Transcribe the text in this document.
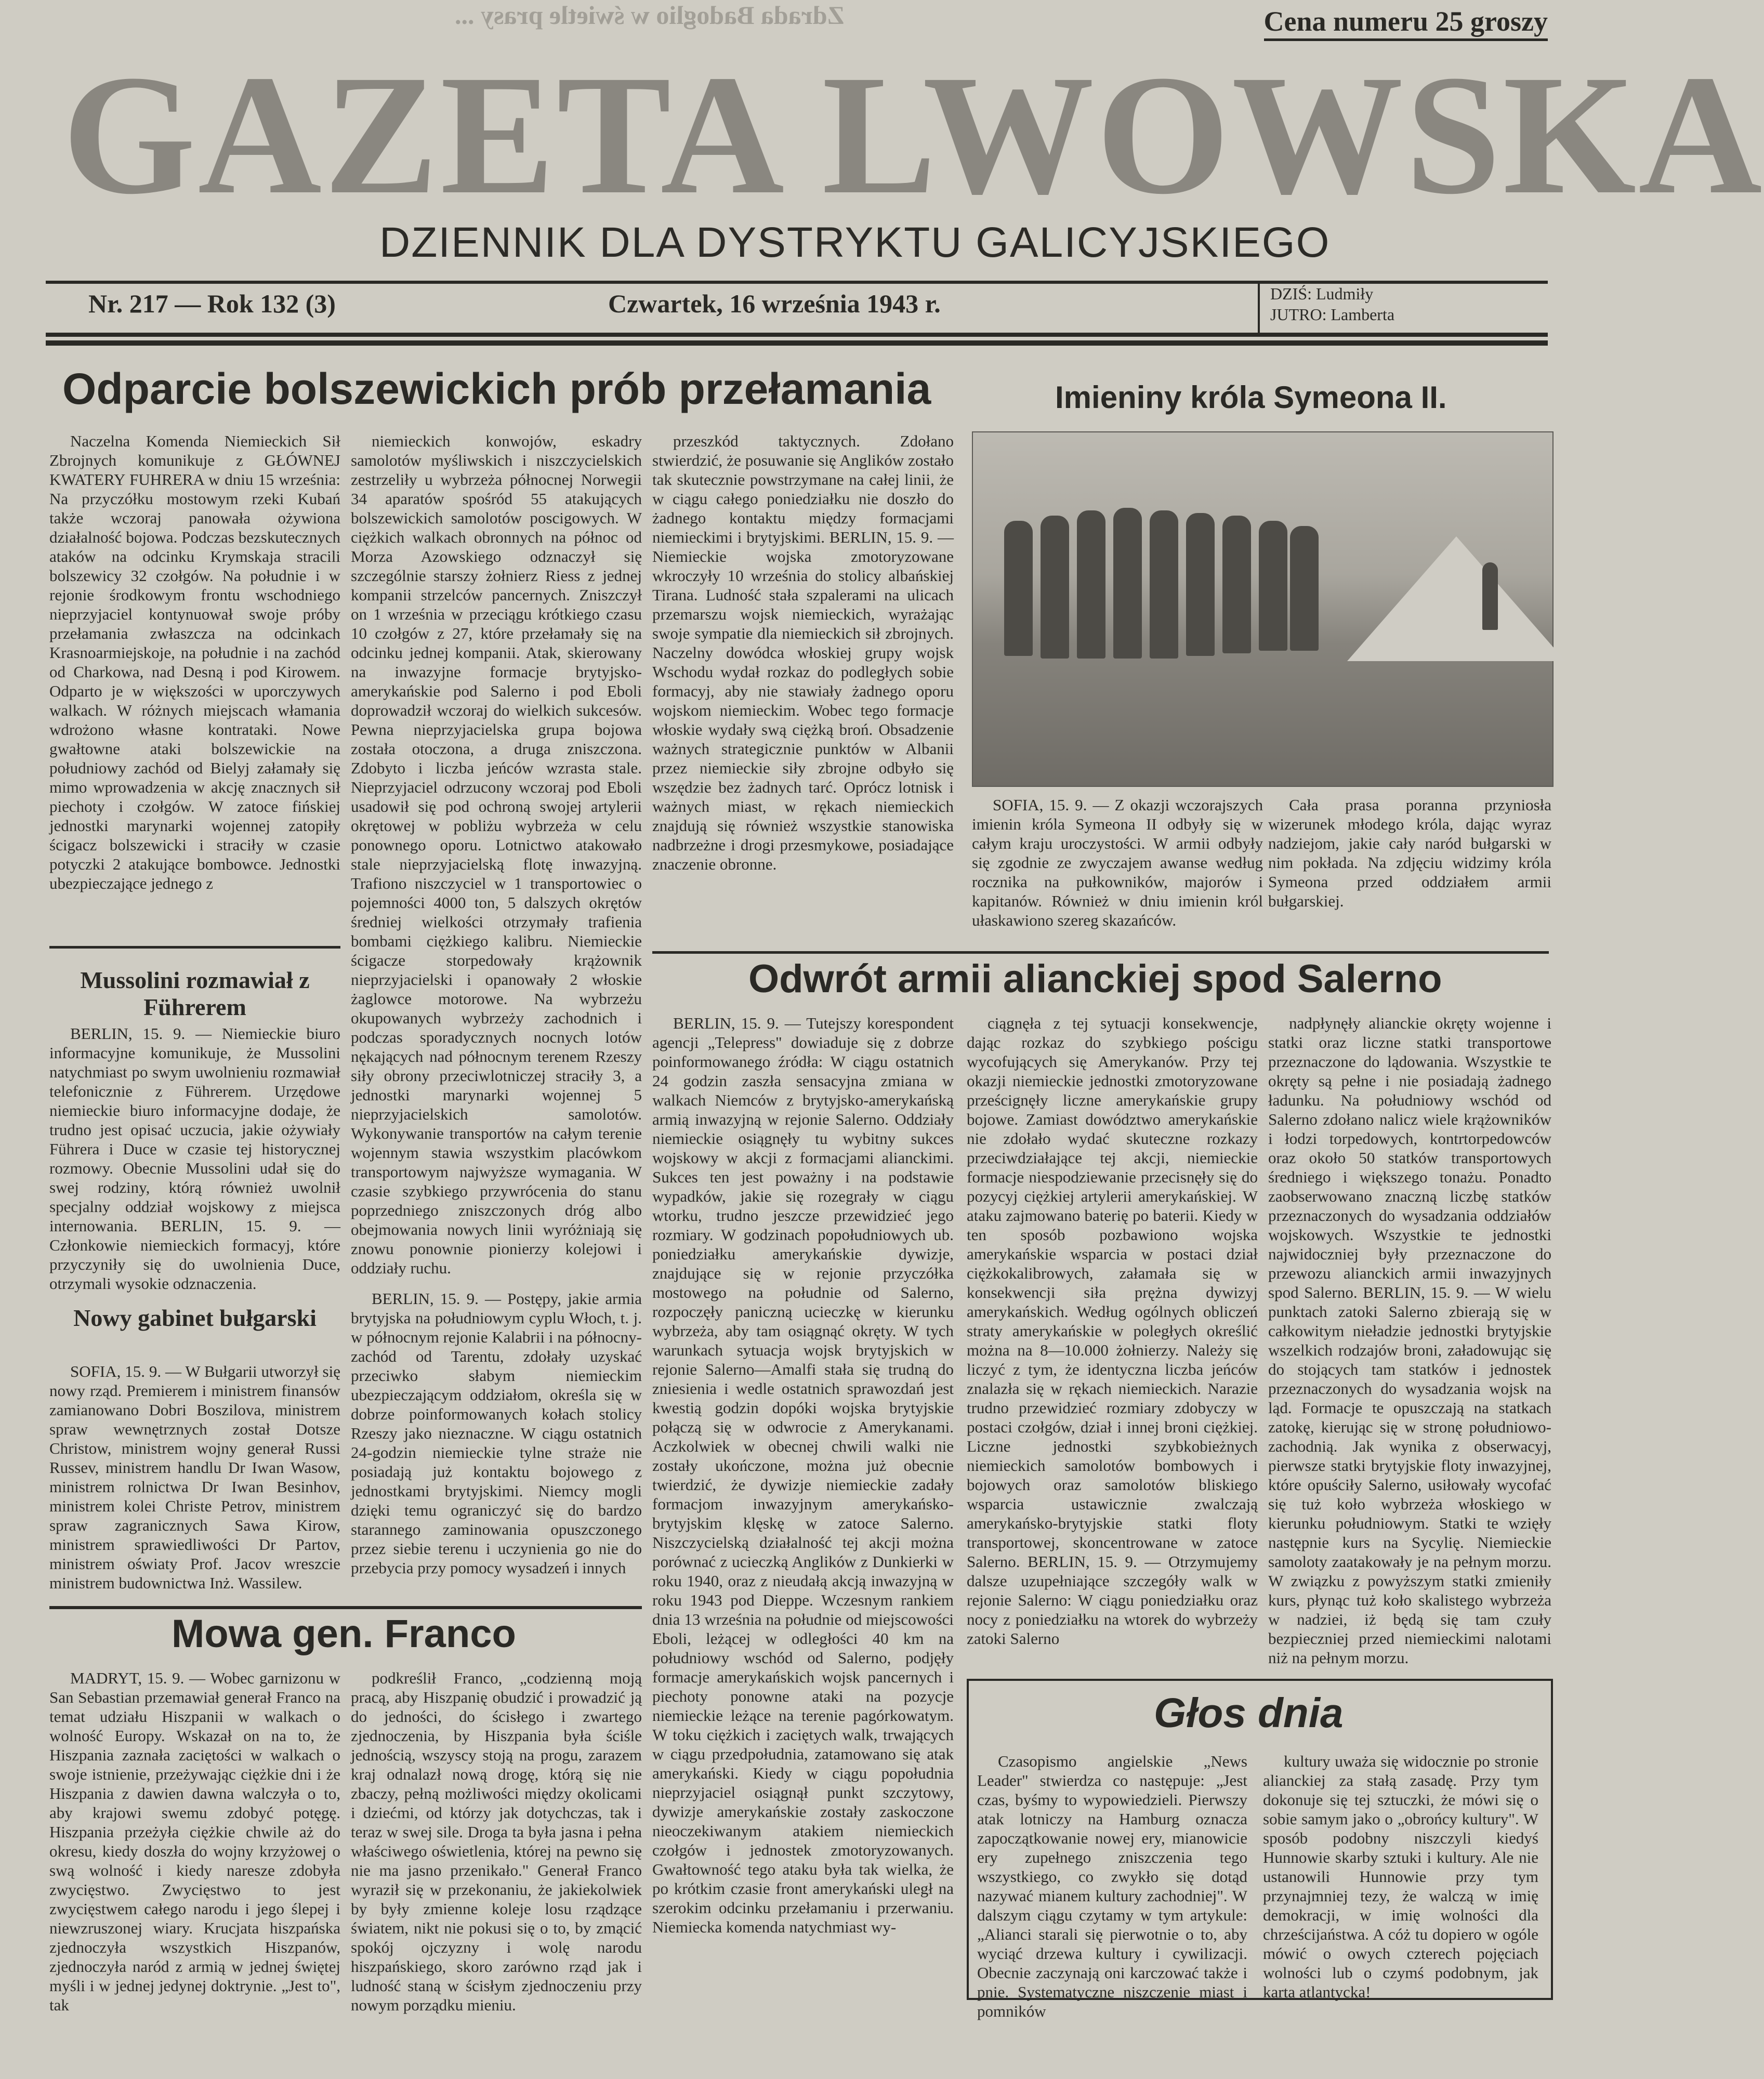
Zdrada Badoglio w świetle prasy ...	Cena numeru 25 groszy
GAZETA LWOWSKA
DZIENNIK DLA DYSTRYKTU GALICYJSKIEGO
Nr. 217 — Rok 132 (3)	Czwartek, 16 września 1943 r.	DZIŚ: Ludmiły
JUTRO: Lamberta
Odparcie bolszewickich prób przełamania

Naczelna Komenda Niemieckich Sił Zbrojnych komunikuje z GŁÓWNEJ KWATERY FUHRERA w dniu 15 września: Na przyczółku mostowym rzeki Kubań także wczoraj panowała ożywiona działalność bojowa. Podczas bezskutecznych ataków na odcinku Krymskaja stracili bolszewicy 32 czołgów. Na południe i w rejonie środkowym frontu wschodniego nieprzyjaciel kontynuował swoje próby przełamania zwłaszcza na odcinkach Krasnoarmiejskoje, na południe i na zachód od Charkowa, nad Desną i pod Kirowem. Odparto je w większości w uporczywych walkach. W różnych miejscach włamania wdrożono własne kontrataki. Nowe gwałtowne ataki bolszewickie na południowy zachód od Bielyj załamały się mimo wprowadzenia w akcję znacznych sił piechoty i czołgów. W zatoce fińskiej jednostki marynarki wojennej zatopiły ścigacz bolszewicki i straciły w czasie potyczki 2 atakujące bombowce. Jednostki ubezpieczające jednego z

niemieckich konwojów, eskadry samolotów myśliwskich i niszczycielskich zestrzeliły u wybrzeża północnej Norwegii 34 aparatów spośród 55 atakujących bolszewickich samolotów poscigowych. W ciężkich walkach obronnych na północ od Morza Azowskiego odznaczył się szczególnie starszy żołnierz Riess z jednej kompanii strzelców pancernych. Zniszczył on 1 września w przeciągu krótkiego czasu 10 czołgów z 27, które przełamały się na odcinku jednej kompanii. Atak, skierowany na inwazyjne formacje brytyjsko-amerykańskie pod Salerno i pod Eboli doprowadził wczoraj do wielkich sukcesów. Pewna nieprzyjacielska grupa bojowa została otoczona, a druga zniszczona. Zdobyto i liczba jeńców wzrasta stale. Nieprzyjaciel odrzucony wczoraj pod Eboli usadowił się pod ochroną swojej artylerii okrętowej w pobliżu wybrzeża w celu ponownego oporu. Lotnictwo atakowało stale nieprzyjacielską flotę inwazyjną. Trafiono niszczyciel w 1 transportowiec o pojemności 4000 ton, 5 dalszych okrętów średniej wielkości otrzymały trafienia bombami ciężkiego kalibru. Niemieckie ścigacze storpedowały krążownik nieprzyjacielski i opanowały 2 włoskie żaglowce motorowe. Na wybrzeżu okupowanych wybrzeży zachodnich i podczas sporadycznych nocnych lotów nękających nad północnym terenem Rzeszy siły obrony przeciwlotniczej straciły 3, a jednostki marynarki wojennej 5 nieprzyjacielskich samolotów. Wykonywanie transportów na całym terenie wojennym stawia wszystkim placówkom transportowym najwyższe wymagania. W czasie szybkiego przywrócenia do stanu poprzedniego zniszczonych dróg albo obejmowania nowych linii wyróżniają się znowu ponownie pionierzy kolejowi i oddziały ruchu.

przeszkód taktycznych. Zdołano stwierdzić, że posuwanie się Anglików zostało tak skutecznie powstrzymane na całej linii, że w ciągu całego poniedziałku nie doszło do żadnego kontaktu między formacjami niemieckimi i brytyjskimi. BERLIN, 15. 9. — Niemieckie wojska zmotoryzowane wkroczyły 10 września do stolicy albańskiej Tirana. Ludność stała szpalerami na ulicach przemarszu wojsk niemieckich, wyrażając swoje sympatie dla niemieckich sił zbrojnych. Naczelny dowódca włoskiej grupy wojsk Wschodu wydał rozkaz do podległych sobie formacyj, aby nie stawiały żadnego oporu wojskom niemieckim. Wobec tego formacje włoskie wydały swą ciężką broń. Obsadzenie ważnych strategicznie punktów w Albanii przez niemieckie siły zbrojne odbyło się wszędzie bez żadnych tarć. Oprócz lotnisk i ważnych miast, w rękach niemieckich znajdują się również wszystkie stanowiska nadbrzeżne i drogi przesmykowe, posiadające znaczenie obronne.

Mussolini rozmawiał z Führerem

BERLIN, 15. 9. — Niemieckie biuro informacyjne komunikuje, że Mussolini natychmiast po swym uwolnieniu rozmawiał telefonicznie z Führerem. Urzędowe niemieckie biuro informacyjne dodaje, że trudno jest opisać uczucia, jakie ożywiały Führera i Duce w czasie tej historycznej rozmowy. Obecnie Mussolini udał się do swej rodziny, którą również uwolnił specjalny oddział wojskowy z miejsca internowania. BERLIN, 15. 9. — Członkowie niemieckich formacyj, które przyczyniły się do uwolnienia Duce, otrzymali wysokie odznaczenia.

Nowy gabinet bułgarski

SOFIA, 15. 9. — W Bułgarii utworzył się nowy rząd. Premierem i ministrem finansów zamianowano Dobri Boszilova, ministrem spraw wewnętrznych został Dotsze Christow, ministrem wojny generał Russi Russev, ministrem handlu Dr Iwan Wasow, ministrem rolnictwa Dr Iwan Besinhov, ministrem kolei Christe Petrov, ministrem spraw zagranicznych Sawa Kirow, ministrem sprawiedliwości Dr Partov, ministrem oświaty Prof. Jacov wreszcie ministrem budownictwa Inż. Wassilew.

BERLIN, 15. 9. — Postępy, jakie armia brytyjska na południowym cyplu Włoch, t. j. w północnym rejonie Kalabrii i na północny-zachód od Tarentu, zdołały uzyskać przeciwko słabym niemieckim ubezpieczającym oddziałom, określa się w dobrze poinformowanych kołach stolicy Rzeszy jako nieznaczne. W ciągu ostatnich 24-godzin niemieckie tylne straże nie posiadają już kontaktu bojowego z jednostkami brytyjskimi. Niemcy mogli dzięki temu ograniczyć się do bardzo starannego zaminowania opuszczonego przez siebie terenu i uczynienia go nie do przebycia przy pomocy wysadzeń i innych

Mowa gen. Franco

MADRYT, 15. 9. — Wobec garnizonu w San Sebastian przemawiał generał Franco na temat udziału Hiszpanii w walkach o wolność Europy. Wskazał on na to, że Hiszpania zaznała zaciętości w walkach o swoje istnienie, przeżywając ciężkie dni i że Hiszpania z dawien dawna walczyła o to, aby krajowi swemu zdobyć potęgę. Hiszpania przeżyła ciężkie chwile aż do okresu, kiedy doszła do wojny krzyżowej o swą wolność i kiedy naresze zdobyła zwycięstwo. Zwycięstwo to jest zwycięstwem całego narodu i jego ślepej i niewzruszonej wiary. Krucjata hiszpańska zjednoczyła wszystkich Hiszpanów, zjednoczyła naród z armią w jednej świętej myśli i w jednej jedynej doktrynie. „Jest to", tak

podkreślił Franco, „codzienną moją pracą, aby Hiszpanię obudzić i prowadzić ją do jedności, do ścisłego i zwartego zjednoczenia, by Hiszpania była ściśle jednością, wszyscy stoją na progu, zarazem kraj odnalazł nową drogę, którą się nie zbaczy, pełną możliwości między okolicami i dziećmi, od którzy jak dotychczas, tak i teraz w swej sile. Droga ta była jasna i pełna właściwego oświetlenia, której na pewno się nie ma jasno przenikało." Generał Franco wyraził się w przekonaniu, że jakiekolwiek by były zmienne koleje losu rządzące światem, nikt nie pokusi się o to, by zmącić spokój ojczyzny i wolę narodu hiszpańskiego, skoro zarówno rząd jak i ludność staną w ścisłym zjednoczeniu przy nowym porządku mieniu.

Imieniny króla Symeona II.

SOFIA, 15. 9. — Z okazji wczorajszych imienin króla Symeona II odbyły się w całym kraju uroczystości. W armii odbyły się zgodnie ze zwyczajem awanse według rocznika na pułkowników, majorów i kapitanów. Również w dniu imienin król ułaskawiono szereg skazańców.

Cała prasa poranna przyniosła wizerunek młodego króla, dając wyraz nadziejom, jakie cały naród bułgarski w nim pokłada. Na zdjęciu widzimy króla Symeona przed oddziałem armii bułgarskiej.

Odwrót armii alianckiej spod Salerno

BERLIN, 15. 9. — Tutejszy korespondent agencji „Telepress" dowiaduje się z dobrze poinformowanego źródła: W ciągu ostatnich 24 godzin zaszła sensacyjna zmiana w walkach Niemców z brytyjsko-amerykańską armią inwazyjną w rejonie Salerno. Oddziały niemieckie osiągnęły tu wybitny sukces wojskowy w akcji z formacjami alianckimi. Sukces ten jest poważny i na podstawie wypadków, jakie się rozegrały w ciągu wtorku, trudno jeszcze przewidzieć jego rozmiary. W godzinach popołudniowych ub. poniedziałku amerykańskie dywizje, znajdujące się w rejonie przyczółka mostowego na południe od Salerno, rozpoczęły paniczną ucieczkę w kierunku wybrzeża, aby tam osiągnąć okręty. W tych warunkach sytuacja wojsk brytyjskich w rejonie Salerno—Amalfi stała się trudną do zniesienia i wedle ostatnich sprawozdań jest kwestią godzin dopóki wojska brytyjskie połączą się w odwrocie z Amerykanami. Aczkolwiek w obecnej chwili walki nie zostały ukończone, można już obecnie twierdzić, że dywizje niemieckie zadały formacjom inwazyjnym amerykańsko-brytyjskim klęskę w zatoce Salerno. Niszczycielską działalność tej akcji można porównać z ucieczką Anglików z Dunkierki w roku 1940, oraz z nieudałą akcją inwazyjną w roku 1943 pod Dieppe. Wczesnym rankiem dnia 13 września na południe od miejscowości Eboli, leżącej w odległości 40 km na południowy wschód od Salerno, podjęły formacje amerykańskich wojsk pancernych i piechoty ponowne ataki na pozycje niemieckie leżące na terenie pagórkowatym. W toku ciężkich i zaciętych walk, trwających w ciągu przedpołudnia, zatamowano się atak amerykański. Kiedy w ciągu popołudnia nieprzyjaciel osiągnął punkt szczytowy, dywizje amerykańskie zostały zaskoczone nieoczekiwanym atakiem niemieckich czołgów i jednostek zmotoryzowanych. Gwałtowność tego ataku była tak wielka, że po krótkim czasie front amerykański uległ na szerokim odcinku przełamaniu i przerwaniu. Niemiecka komenda natychmiast wy-

ciągnęła z tej sytuacji konsekwencje, dając rozkaz do szybkiego pościgu wycofujących się Amerykanów. Przy tej okazji niemieckie jednostki zmotoryzowane prześcignęły liczne amerykańskie grupy bojowe. Zamiast dowództwo amerykańskie nie zdołało wydać skuteczne rozkazy przeciwdziałające tej akcji, niemieckie formacje niespodziewanie przecisnęły się do pozycyj ciężkiej artylerii amerykańskiej. W ataku zajmowano baterię po baterii. Kiedy w ten sposób pozbawiono wojska amerykańskie wsparcia w postaci dział ciężkokalibrowych, załamała się w konsekwencji siła prężna dywizyj amerykańskich. Według ogólnych obliczeń straty amerykańskie w poległych określić można na 8—10.000 żołnierzy. Należy się liczyć z tym, że identyczna liczba jeńców znalazła się w rękach niemieckich. Narazie trudno przewidzieć rozmiary zdobyczy w postaci czołgów, dział i innej broni ciężkiej. Liczne jednostki szybkobieżnych niemieckich samolotów bombowych i bojowych oraz samolotów bliskiego wsparcia ustawicznie zwalczają amerykańsko-brytyjskie statki floty transportowej, skoncentrowane w zatoce Salerno. BERLIN, 15. 9. — Otrzymujemy dalsze uzupełniające szczegóły walk w rejonie Salerno: W ciągu poniedziałku oraz nocy z poniedziałku na wtorek do wybrzeży zatoki Salerno

nadpłynęły alianckie okręty wojenne i statki oraz liczne statki transportowe przeznaczone do lądowania. Wszystkie te okręty są pełne i nie posiadają żadnego ładunku. Na południowy wschód od Salerno zdołano nalicz wiele krążowników i łodzi torpedowych, kontrtorpedowców oraz około 50 statków transportowych średniego i większego tonażu. Ponadto zaobserwowano znaczną liczbę statków przeznaczonych do wysadzania oddziałów wojskowych. Wszystkie te jednostki najwidoczniej były przeznaczone do przewozu alianckich armii inwazyjnych spod Salerno. BERLIN, 15. 9. — W wielu punktach zatoki Salerno zbierają się w całkowitym nieładzie jednostki brytyjskie wszelkich rodzajów broni, załadowując się do stojących tam statków i jednostek przeznaczonych do wysadzania wojsk na ląd. Formacje te opuszczają na statkach zatokę, kierując się w stronę południowo-zachodnią. Jak wynika z obserwacyj, pierwsze statki brytyjskie floty inwazyjnej, które opuściły Salerno, usiłowały wycofać się tuż koło wybrzeża włoskiego w kierunku południowym. Statki te wzięły następnie kurs na Sycylię. Niemieckie samoloty zaatakowały je na pełnym morzu. W związku z powyższym statki zmieniły kurs, płynąc tuż koło skalistego wybrzeża w nadziei, iż będą się tam czuły bezpieczniej przed niemieckimi nalotami niż na pełnym morzu.

Głos dnia

Czasopismo angielskie „News Leader" stwierdza co następuje: „Jest czas, byśmy to wypowiedzieli. Pierwszy atak lotniczy na Hamburg oznacza zapoczątkowanie nowej ery, mianowicie ery zupełnego zniszczenia tego wszystkiego, co zwykło się dotąd nazywać mianem kultury zachodniej". W dalszym ciągu czytamy w tym artykule: „Alianci starali się pierwotnie o to, aby wyciąć drzewa kultury i cywilizacji. Obecnie zaczynają oni karczować także i pnie. Systematyczne niszczenie miast i pomników

kultury uważa się widocznie po stronie alianckiej za stałą zasadę. Przy tym dokonuje się tej sztuczki, że mówi się o sobie samym jako o „obrońcy kultury". W sposób podobny niszczyli kiedyś Hunnowie skarby sztuki i kultury. Ale nie ustanowili Hunnowie przy tym przynajmniej tezy, że walczą w imię demokracji, w imię wolności dla chrześcijaństwa. A cóż tu dopiero w ogóle mówić o owych czterech pojęciach wolności lub o czymś podobnym, jak karta atlantycka!
